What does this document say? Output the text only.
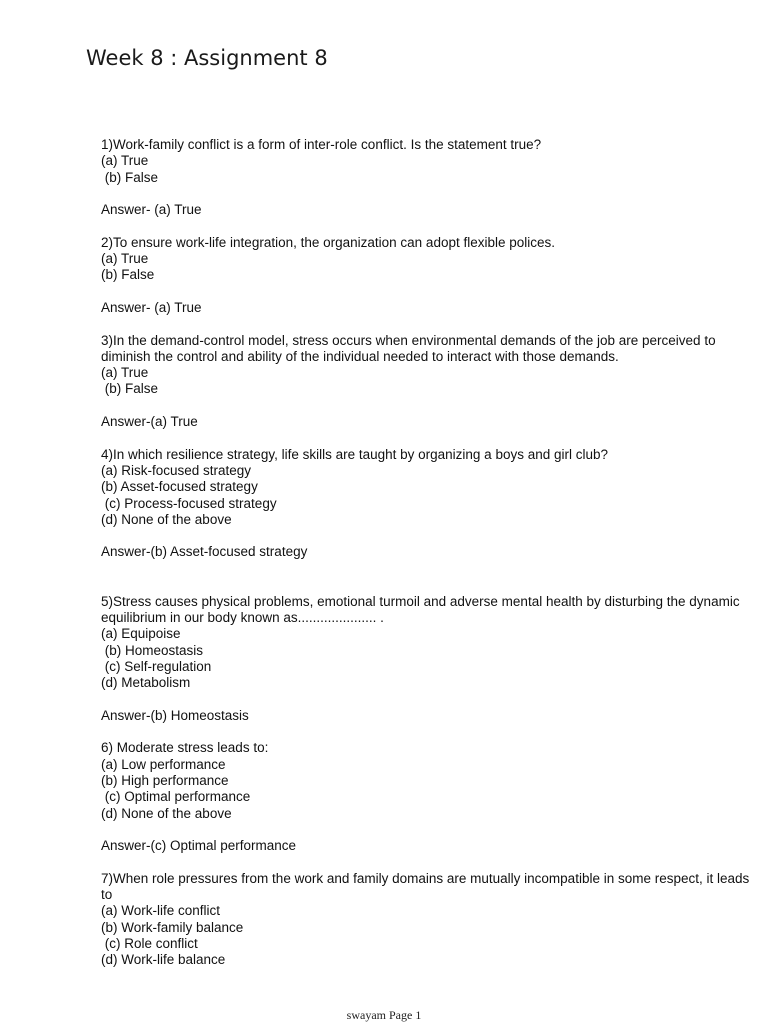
Week 8 : Assignment 8
1)Work-family conflict is a form of inter-role conflict. Is the statement true?
(a) True
(b) False
Answer- (a) True
2)To ensure work-life integration, the organization can adopt flexible polices.
(a) True
(b) False
Answer- (a) True
3)In the demand-control model, stress occurs when environmental demands of the job are perceived to diminish the control and ability of the individual needed to interact with those demands.
(a) True
(b) False
Answer-(a) True
4)In which resilience strategy, life skills are taught by organizing a boys and girl club?
(a) Risk-focused strategy
(b) Asset-focused strategy
(c) Process-focused strategy
(d) None of the above
Answer-(b) Asset-focused strategy
5)Stress causes physical problems, emotional turmoil and adverse mental health by disturbing the dynamic equilibrium in our body known as..................... .
(a) Equipoise
(b) Homeostasis
(c) Self-regulation
(d) Metabolism
Answer-(b) Homeostasis
6) Moderate stress leads to:
(a) Low performance
(b) High performance
(c) Optimal performance
(d) None of the above
Answer-(c) Optimal performance
7)When role pressures from the work and family domains are mutually incompatible in some respect, it leads to
(a) Work-life conflict
(b) Work-family balance
(c) Role conflict
(d) Work-life balance
swayam Page 1
